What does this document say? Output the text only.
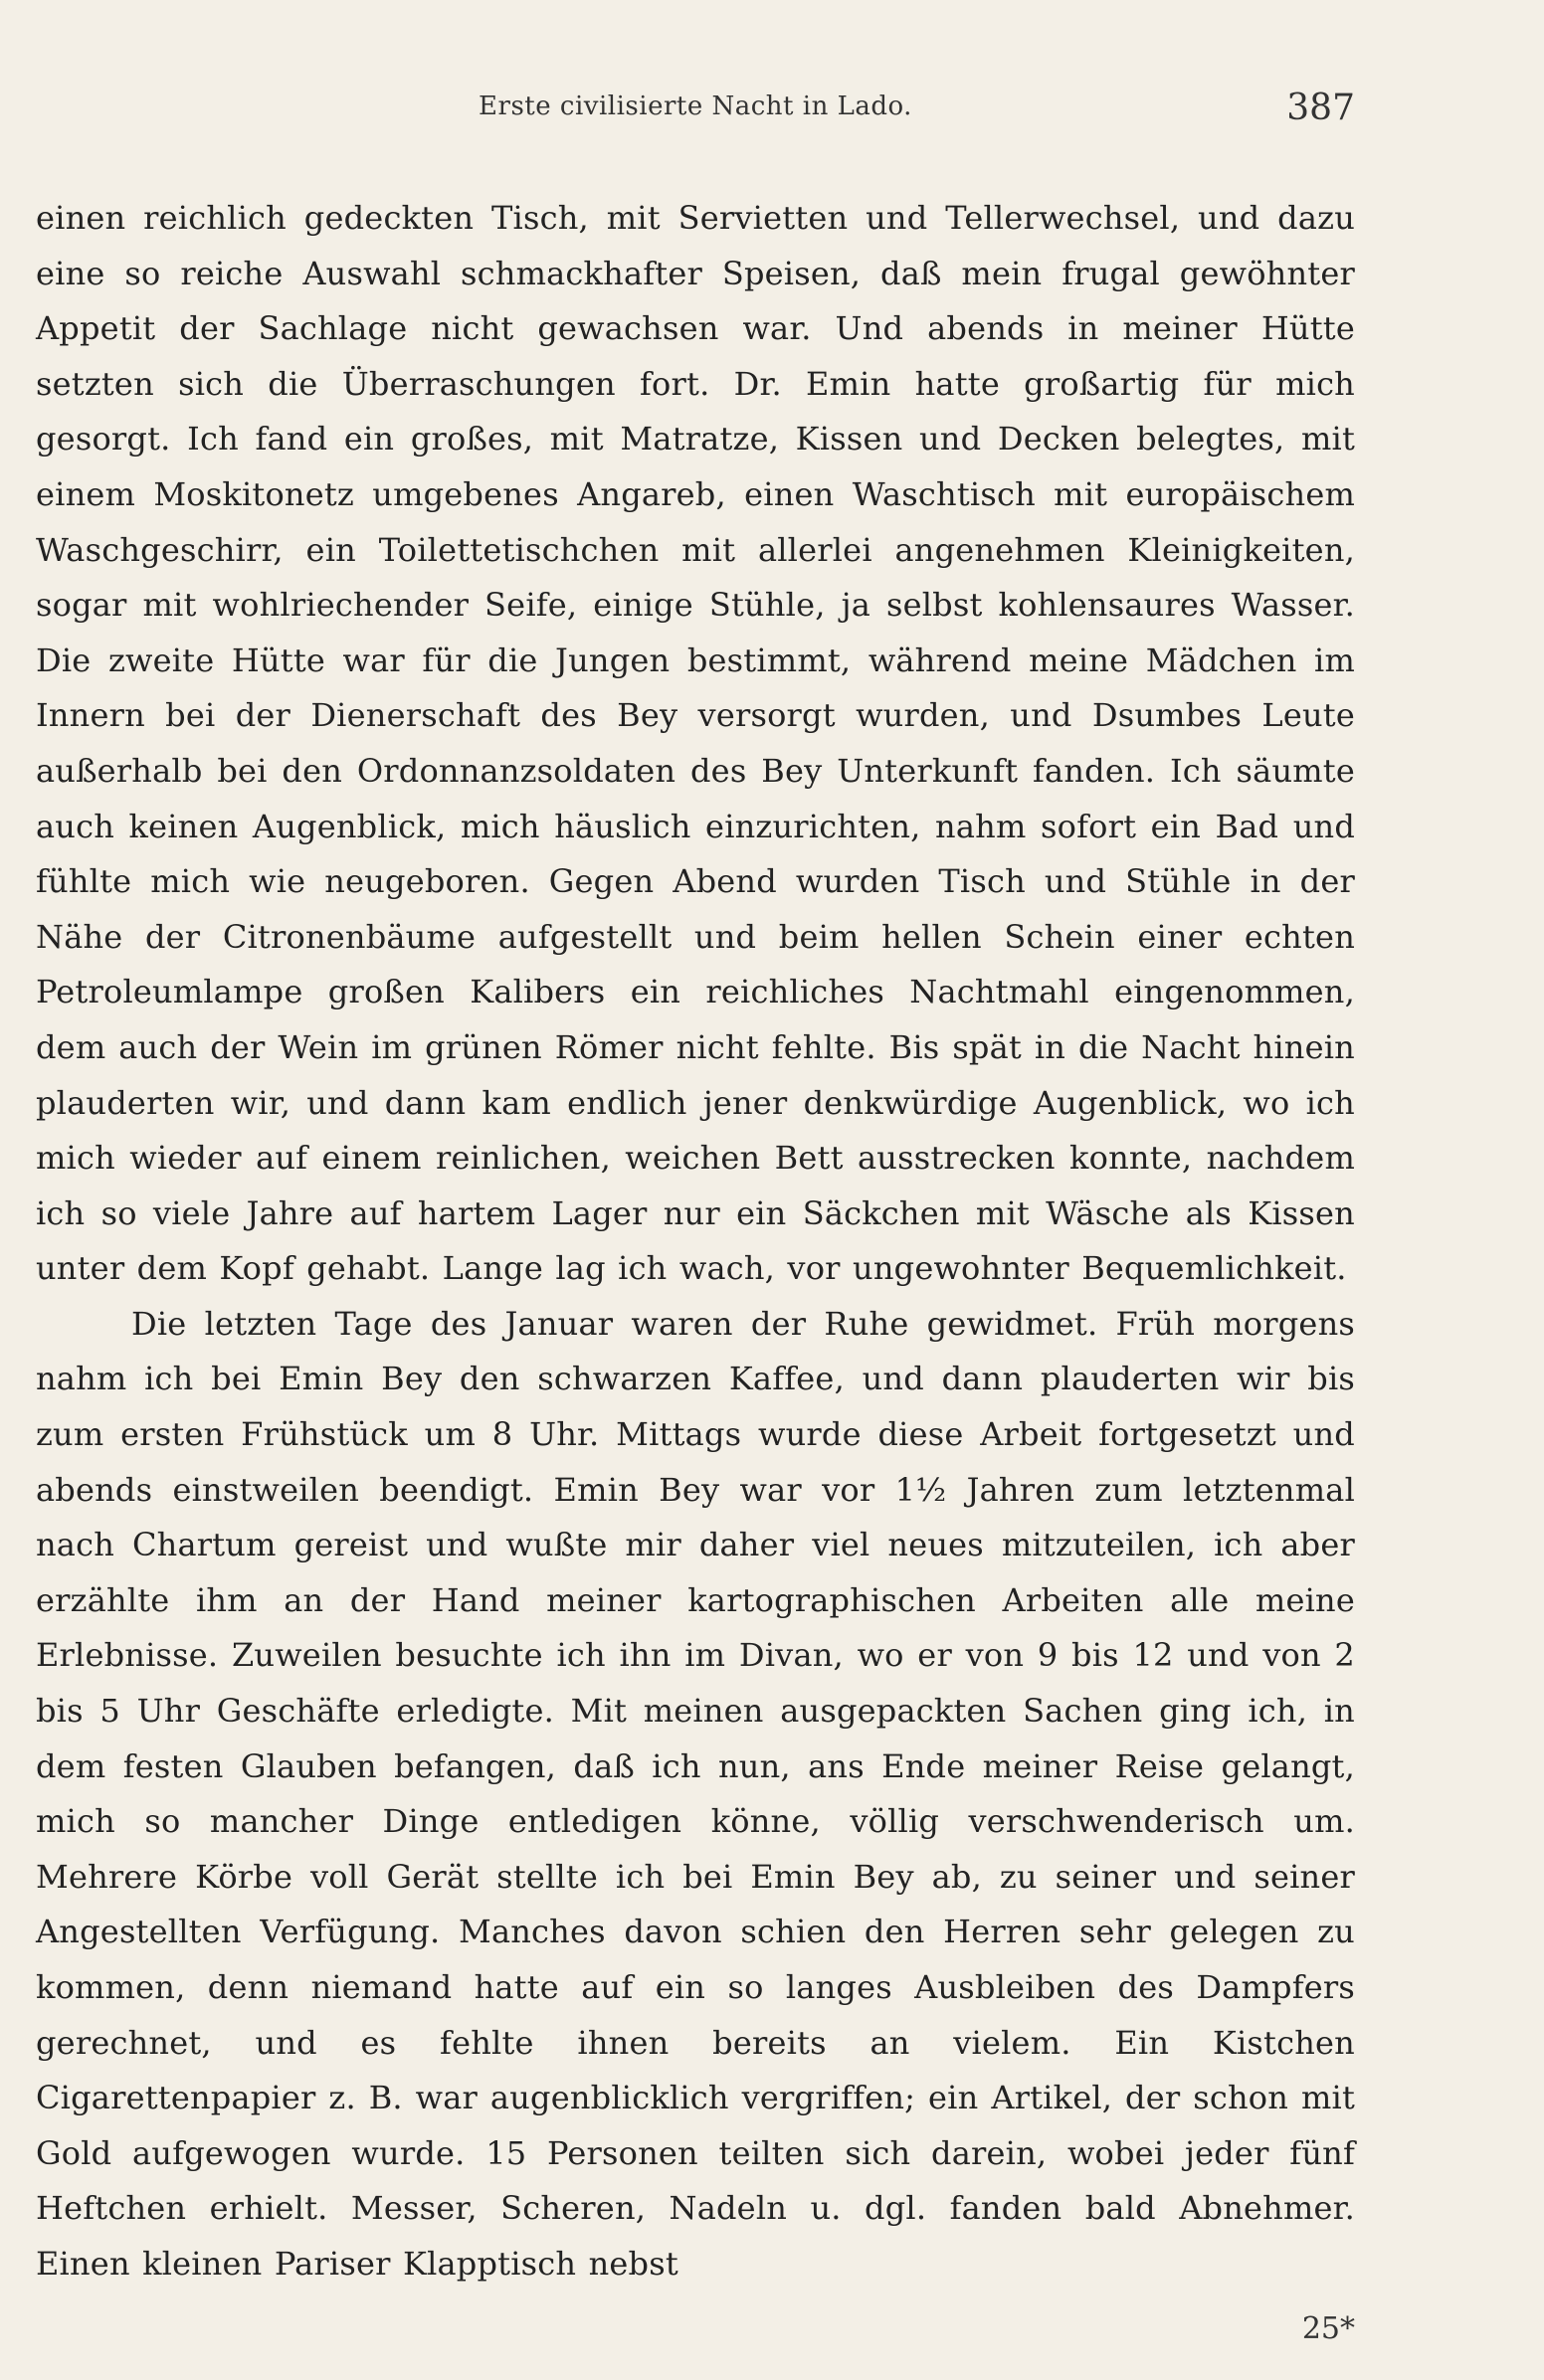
Erste civilisierte Nacht in Lado.	387

einen reichlich gedeckten Tisch, mit Servietten und Tellerwechsel, und dazu eine so reiche Auswahl schmackhafter Speisen, daß mein frugal gewöhnter Appetit der Sachlage nicht gewachsen war. Und abends in meiner Hütte setzten sich die Überraschungen fort. Dr. Emin hatte großartig für mich gesorgt. Ich fand ein großes, mit Matratze, Kissen und Decken belegtes, mit einem Moskitonetz umgebenes Angareb, einen Waschtisch mit europäischem Waschgeschirr, ein Toilettetischchen mit allerlei angenehmen Kleinigkeiten, sogar mit wohlriechender Seife, einige Stühle, ja selbst kohlensaures Wasser. Die zweite Hütte war für die Jungen bestimmt, während meine Mädchen im Innern bei der Dienerschaft des Bey versorgt wurden, und Dsumbes Leute außerhalb bei den Ordonnanzsoldaten des Bey Unterkunft fanden. Ich säumte auch keinen Augenblick, mich häuslich einzurichten, nahm sofort ein Bad und fühlte mich wie neugeboren. Gegen Abend wurden Tisch und Stühle in der Nähe der Citronenbäume aufgestellt und beim hellen Schein einer echten Petroleumlampe großen Kalibers ein reichliches Nachtmahl eingenommen, dem auch der Wein im grünen Römer nicht fehlte. Bis spät in die Nacht hinein plauderten wir, und dann kam endlich jener denkwürdige Augenblick, wo ich mich wieder auf einem reinlichen, weichen Bett ausstrecken konnte, nachdem ich so viele Jahre auf hartem Lager nur ein Säckchen mit Wäsche als Kissen unter dem Kopf gehabt. Lange lag ich wach, vor ungewohnter Bequemlichkeit.

Die letzten Tage des Januar waren der Ruhe gewidmet. Früh morgens nahm ich bei Emin Bey den schwarzen Kaffee, und dann plauderten wir bis zum ersten Frühstück um 8 Uhr. Mittags wurde diese Arbeit fortgesetzt und abends einstweilen beendigt. Emin Bey war vor 1½ Jahren zum letztenmal nach Chartum gereist und wußte mir daher viel neues mitzuteilen, ich aber erzählte ihm an der Hand meiner kartographischen Arbeiten alle meine Erlebnisse. Zuweilen besuchte ich ihn im Divan, wo er von 9 bis 12 und von 2 bis 5 Uhr Geschäfte erledigte. Mit meinen ausgepackten Sachen ging ich, in dem festen Glauben befangen, daß ich nun, ans Ende meiner Reise gelangt, mich so mancher Dinge entledigen könne, völlig verschwenderisch um. Mehrere Körbe voll Gerät stellte ich bei Emin Bey ab, zu seiner und seiner Angestellten Verfügung. Manches davon schien den Herren sehr gelegen zu kommen, denn niemand hatte auf ein so langes Ausbleiben des Dampfers gerechnet, und es fehlte ihnen bereits an vielem. Ein Kistchen Cigarettenpapier z. B. war augenblicklich vergriffen; ein Artikel, der schon mit Gold aufgewogen wurde. 15 Personen teilten sich darein, wobei jeder fünf Heftchen erhielt. Messer, Scheren, Nadeln u. dgl. fanden bald Abnehmer. Einen kleinen Pariser Klapptisch nebst

25*
